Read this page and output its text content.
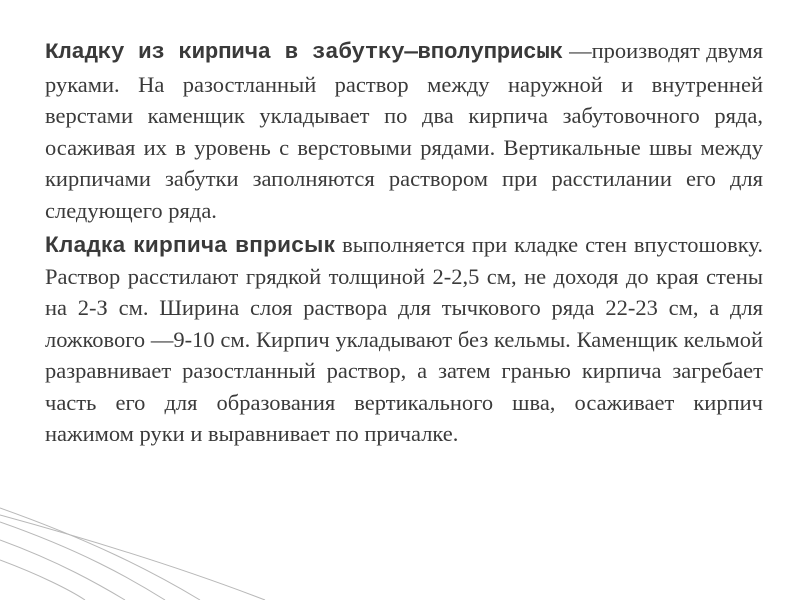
Кладку из кирпича в забутку—вполуприсык —производят двумя руками. На разостланный раствор между наружной и внутренней верстами каменщик укладывает по два кирпича забутовочного ряда, осаживая их в уровень с верстовыми рядами. Вертикальные швы между кирпичами забутки заполняются раствором при расстилании его для следующего ряда.

Кладка кирпича вприсык выполняется при кладке стен впустошовку. Раствор расстилают грядкой толщиной 2-2,5 см, не доходя до края стены на 2-З см. Ширина слоя раствора для тычкового ряда 22-23 см, а для ложкового —9-10 см. Кирпич укладывают без кельмы. Каменщик кельмой разравнивает разостланный раствор, а затем гранью кирпича загребает часть его для образования вертикального шва, осаживает кирпич нажимом руки и выравнивает по причалке.
